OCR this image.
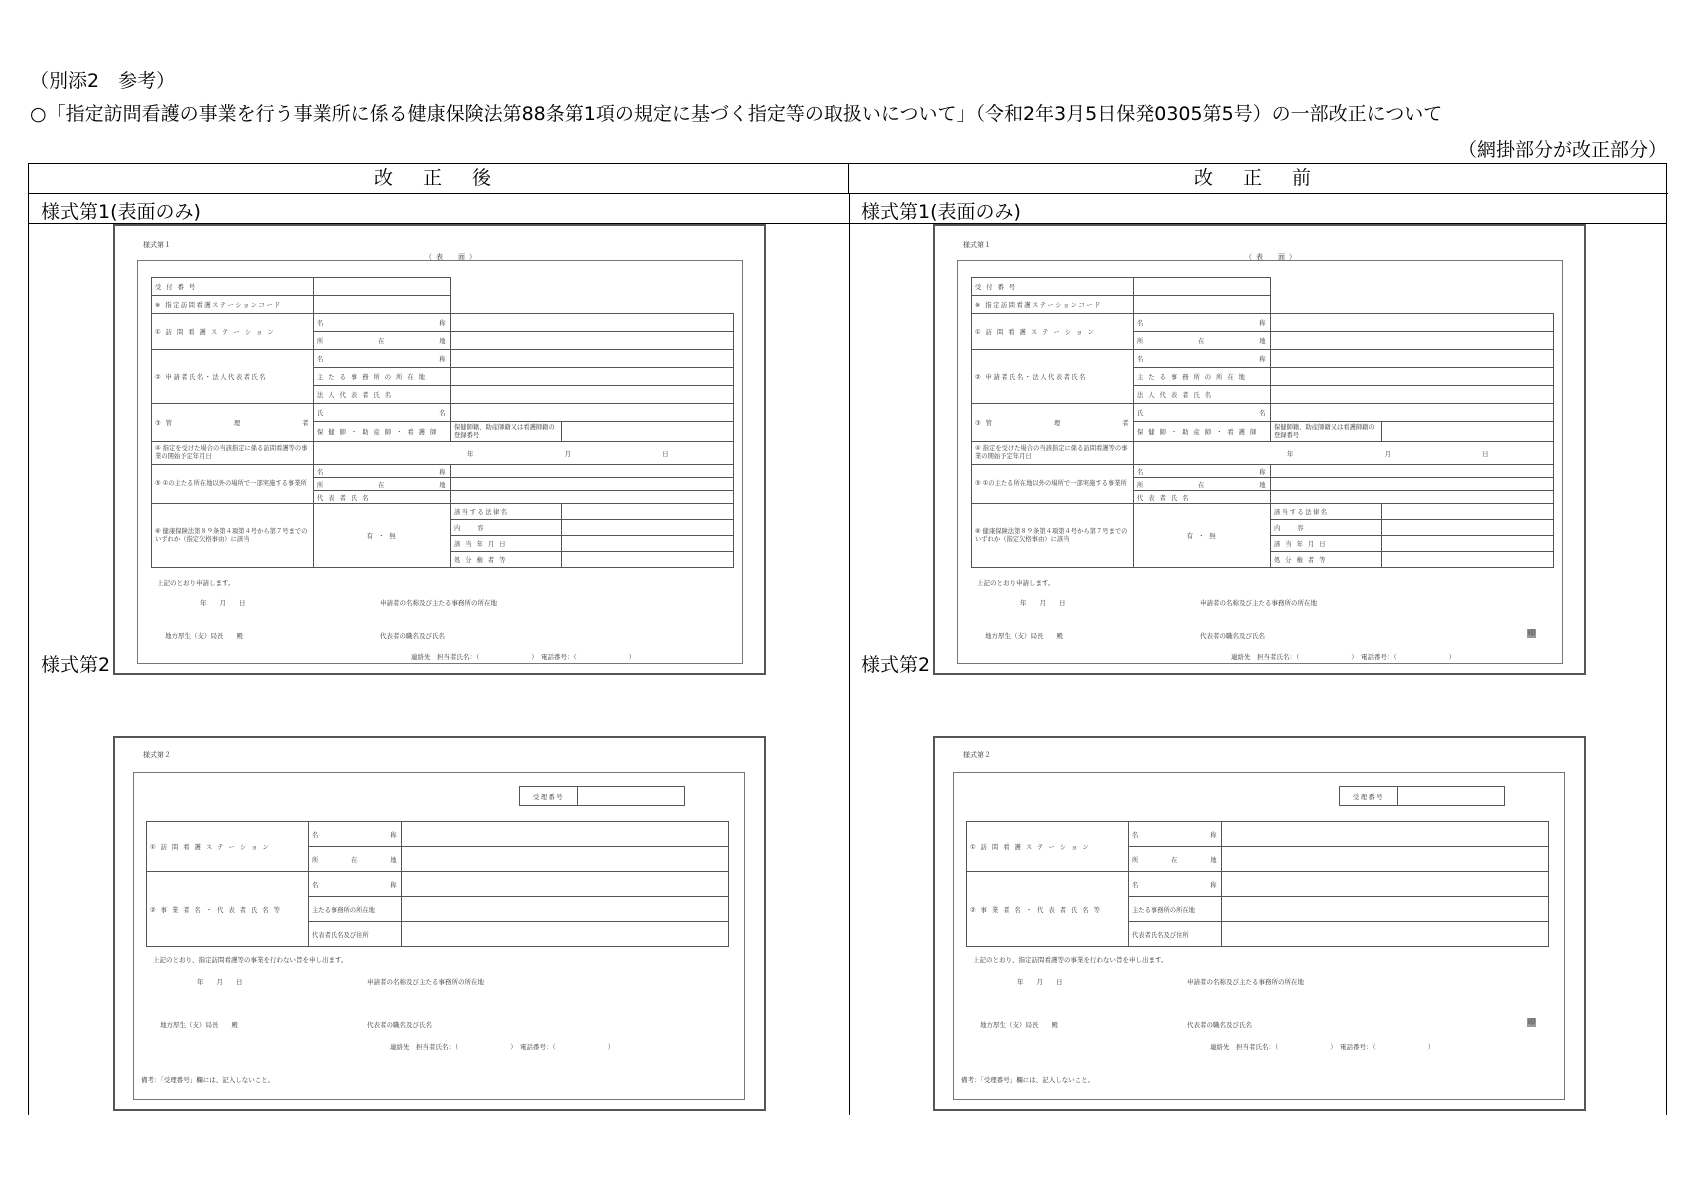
（別添2　参考）
○「指定訪問看護の事業を行う事業所に係る健康保険法第88条第1項の規定に基づく指定等の取扱いについて」（令和2年3月5日保発0305第5号）の一部改正について
（網掛部分が改正部分）
改 正 後	改 正 前
様式第1(表面のみ)
様式第１
（表　面）
受 付 番 号			
※ 指定訪問看護ステーションコード			
① 訪 問 看 護 ス テ ー シ ョ ン	名 称		

	所 在 地		

② 申請者氏名・法人代表者氏名	名 称		

	主 た る 事 務 所 の 所 在 地		
	法 人 代 表 者 氏 名		

③ 管 理 者	氏 名		

	保 健 師 ・ 助 産 師 ・ 看 護 師	保健師籍、助産師籍又は看護師籍の登録番号	
④ 指定を受けた場合の当該指定に係る訪問看護等の事業の開始予定年月日	年 月 日		

⑤ ①の主たる所在地以外の場所で一部実施する事業所	名 称		

	所 在 地		

	代 表 者 氏 名		
⑥ 健康保険法第８９条第４項第４号から第７号までのいずれか（指定欠格事由）に該当	有 ・ 無	該当する法律名	
		内　　容	
		該 当 年 月 日	
		処 分 権 者 等	
上記のとおり申請します。
年　　月　　日	申請者の名称及び主たる事務所の所在地
地方厚生（支）局長　　殿	代表者の職名及び氏名
連絡先　担当者氏名：（　　　　　　　　）　電話番号：（　　　　　　　　）
様式第2
様式第２
受理番号	
① 訪 問 看 護 ス テ ー シ ョ ン	名 称	

	所 在 地	

② 事 業 者 名 ・ 代 表 者 氏 名 等	名 称	

	主たる事務所の所在地	
	代表者氏名及び住所	
上記のとおり、指定訪問看護等の事業を行わない旨を申し出ます。
年　　月　　日	申請者の名称及び主たる事務所の所在地
地方厚生（支）局長　　殿	代表者の職名及び氏名
連絡先　担当者氏名：（　　　　　　　　）　電話番号：（　　　　　　　　）
備考：「受理番号」欄には、記入しないこと。
様式第1(表面のみ)
様式第１
（表　面）
受 付 番 号			
※ 指定訪問看護ステーションコード			
① 訪 問 看 護 ス テ ー シ ョ ン	名 称		

	所 在 地		

② 申請者氏名・法人代表者氏名	名 称		

	主 た る 事 務 所 の 所 在 地		
	法 人 代 表 者 氏 名		

③ 管 理 者	氏 名		

	保 健 師 ・ 助 産 師 ・ 看 護 師	保健師籍、助産師籍又は看護師籍の登録番号	
④ 指定を受けた場合の当該指定に係る訪問看護等の事業の開始予定年月日	年 月 日		

⑤ ①の主たる所在地以外の場所で一部実施する事業所	名 称		

	所 在 地		

	代 表 者 氏 名		
⑥ 健康保険法第８９条第４項第４号から第７号までのいずれか（指定欠格事由）に該当	有 ・ 無	該当する法律名	
		内　　容	
		該 当 年 月 日	
		処 分 権 者 等	
上記のとおり申請します。
年　　月　　日	申請者の名称及び主たる事務所の所在地
地方厚生（支）局長　　殿	代表者の職名及び氏名	印
連絡先　担当者氏名：（　　　　　　　　）　電話番号：（　　　　　　　　）
様式第2
様式第２
受理番号	
① 訪 問 看 護 ス テ ー シ ョ ン	名 称	

	所 在 地	

② 事 業 者 名 ・ 代 表 者 氏 名 等	名 称	

	主たる事務所の所在地	
	代表者氏名及び住所	
上記のとおり、指定訪問看護等の事業を行わない旨を申し出ます。
年　　月　　日	申請者の名称及び主たる事務所の所在地
地方厚生（支）局長　　殿	代表者の職名及び氏名	印
連絡先　担当者氏名：（　　　　　　　　）　電話番号：（　　　　　　　　）
備考：「受理番号」欄には、記入しないこと。
